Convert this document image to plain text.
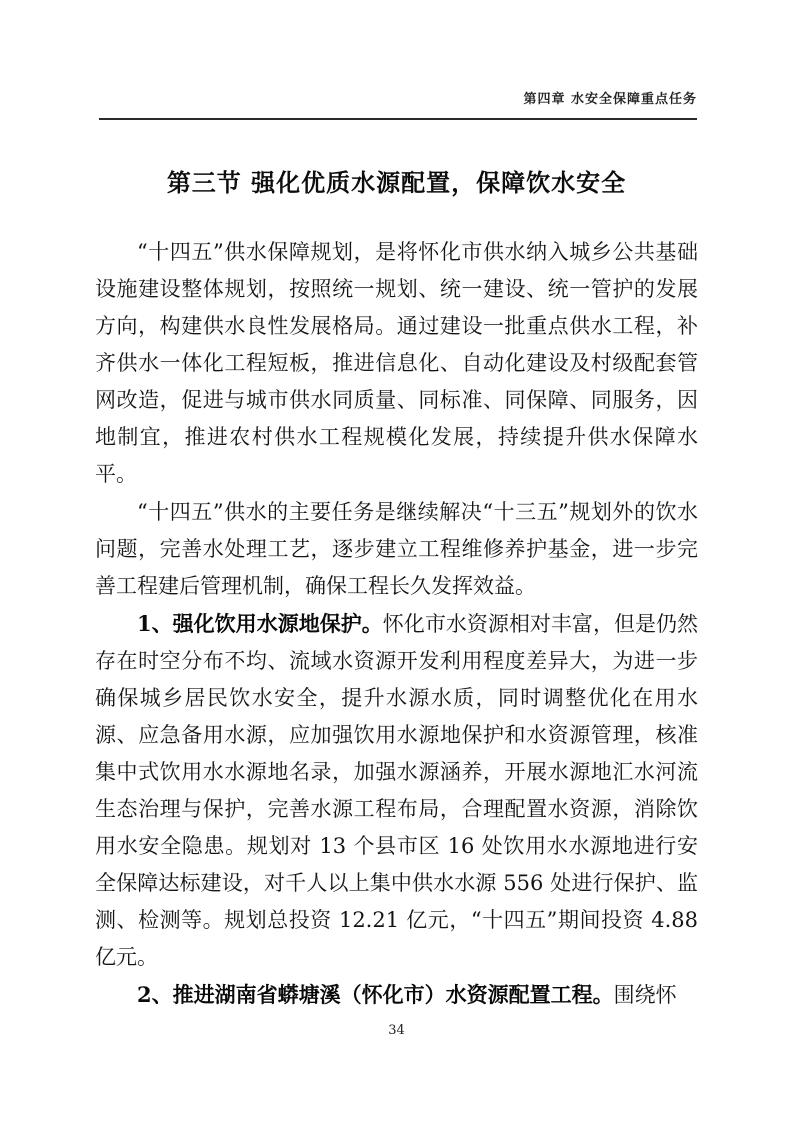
第四章 水安全保障重点任务
第三节 强化优质水源配置，保障饮水安全

“十四五”供水保障规划，是将怀化市供水纳入城乡公共基础设施建设整体规划，按照统一规划、统一建设、统一管护的发展方向，构建供水良性发展格局。通过建设一批重点供水工程，补齐供水一体化工程短板，推进信息化、自动化建设及村级配套管网改造，促进与城市供水同质量、同标准、同保障、同服务，因地制宜，推进农村供水工程规模化发展，持续提升供水保障水平。

“十四五”供水的主要任务是继续解决“十三五”规划外的饮水问题，完善水处理工艺，逐步建立工程维修养护基金，进一步完善工程建后管理机制，确保工程长久发挥效益。

1、强化饮用水源地保护。怀化市水资源相对丰富，但是仍然存在时空分布不均、流域水资源开发利用程度差异大，为进一步确保城乡居民饮水安全，提升水源水质，同时调整优化在用水源、应急备用水源，应加强饮用水源地保护和水资源管理，核准集中式饮用水水源地名录，加强水源涵养，开展水源地汇水河流生态治理与保护，完善水源工程布局，合理配置水资源，消除饮用水安全隐患。规划对 13 个县市区 16 处饮用水水源地进行安全保障达标建设，对千人以上集中供水水源 556 处进行保护、监测、检测等。规划总投资 12.21 亿元，“十四五”期间投资 4.88 亿元。

2、推进湖南省蟒塘溪（怀化市）水资源配置工程。围绕怀

34
